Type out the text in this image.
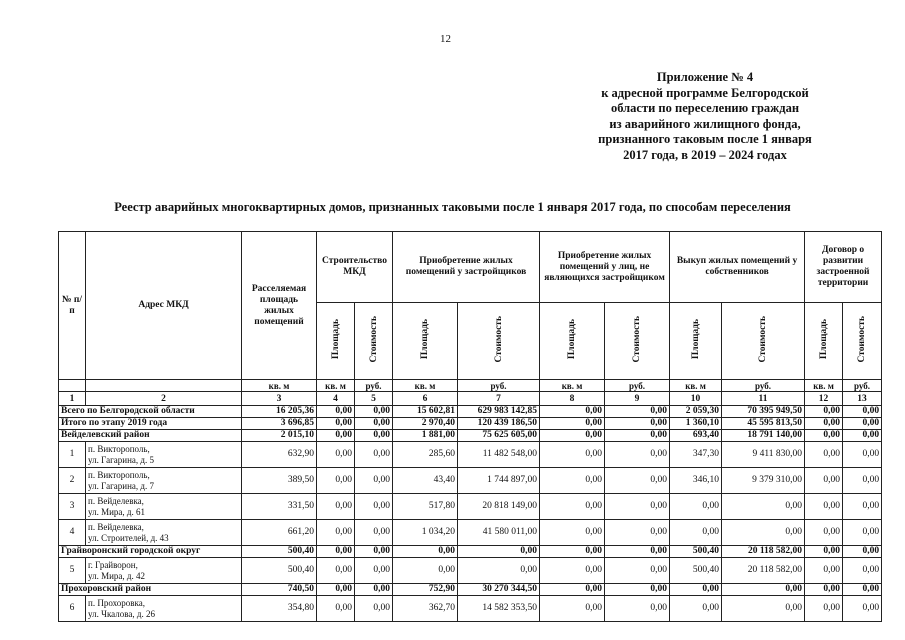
12
Приложение № 4
к адресной программе Белгородской
области по переселению граждан
из аварийного жилищного фонда,
признанного таковым после 1 января
2017 года, в 2019 – 2024 годах
Реестр аварийных многоквартирных домов, признанных таковыми после 1 января 2017 года, по способам переселения
№ п/п	Адрес МКД	Расселяемая площадь жилых помещений	Строительство МКД		Приобретение жилых помещений у застройщиков		Приобретение жилых помещений у лиц, не являющихся застройщиком		Выкуп жилых помещений у собственников		Договор о развитии застроенной территории	
			Площадь	Стоимость	Площадь	Стоимость	Площадь	Стоимость	Площадь	Стоимость	Площадь	Стоимость
		кв. м	кв. м	руб.	кв. м	руб.	кв. м	руб.	кв. м	руб.	кв. м	руб.
1	2	3	4	5	6	7	8	9	10	11	12	13
Всего по Белгородской области		16 205,36	0,00	0,00	15 602,81	629 983 142,85	0,00	0,00	2 059,30	70 395 949,50	0,00	0,00
Итого по этапу 2019 года		3 696,85	0,00	0,00	2 970,40	120 439 186,50	0,00	0,00	1 360,10	45 595 813,50	0,00	0,00
Вейделевский район		2 015,10	0,00	0,00	1 881,00	75 625 605,00	0,00	0,00	693,40	18 791 140,00	0,00	0,00
1	п. Викторополь,
ул. Гагарина, д. 5	632,90	0,00	0,00	285,60	11 482 548,00	0,00	0,00	347,30	9 411 830,00	0,00	0,00
2	п. Викторополь,
ул. Гагарина, д. 7	389,50	0,00	0,00	43,40	1 744 897,00	0,00	0,00	346,10	9 379 310,00	0,00	0,00
3	п. Вейделевка,
ул. Мира, д. 61	331,50	0,00	0,00	517,80	20 818 149,00	0,00	0,00	0,00	0,00	0,00	0,00
4	п. Вейделевка,
ул. Строителей, д. 43	661,20	0,00	0,00	1 034,20	41 580 011,00	0,00	0,00	0,00	0,00	0,00	0,00
Грайворонский городской округ		500,40	0,00	0,00	0,00	0,00	0,00	0,00	500,40	20 118 582,00	0,00	0,00
5	г. Грайворон,
ул. Мира, д. 42	500,40	0,00	0,00	0,00	0,00	0,00	0,00	500,40	20 118 582,00	0,00	0,00
Прохоровский район		740,50	0,00	0,00	752,90	30 270 344,50	0,00	0,00	0,00	0,00	0,00	0,00
6	п. Прохоровка,
ул. Чкалова, д. 26	354,80	0,00	0,00	362,70	14 582 353,50	0,00	0,00	0,00	0,00	0,00	0,00
